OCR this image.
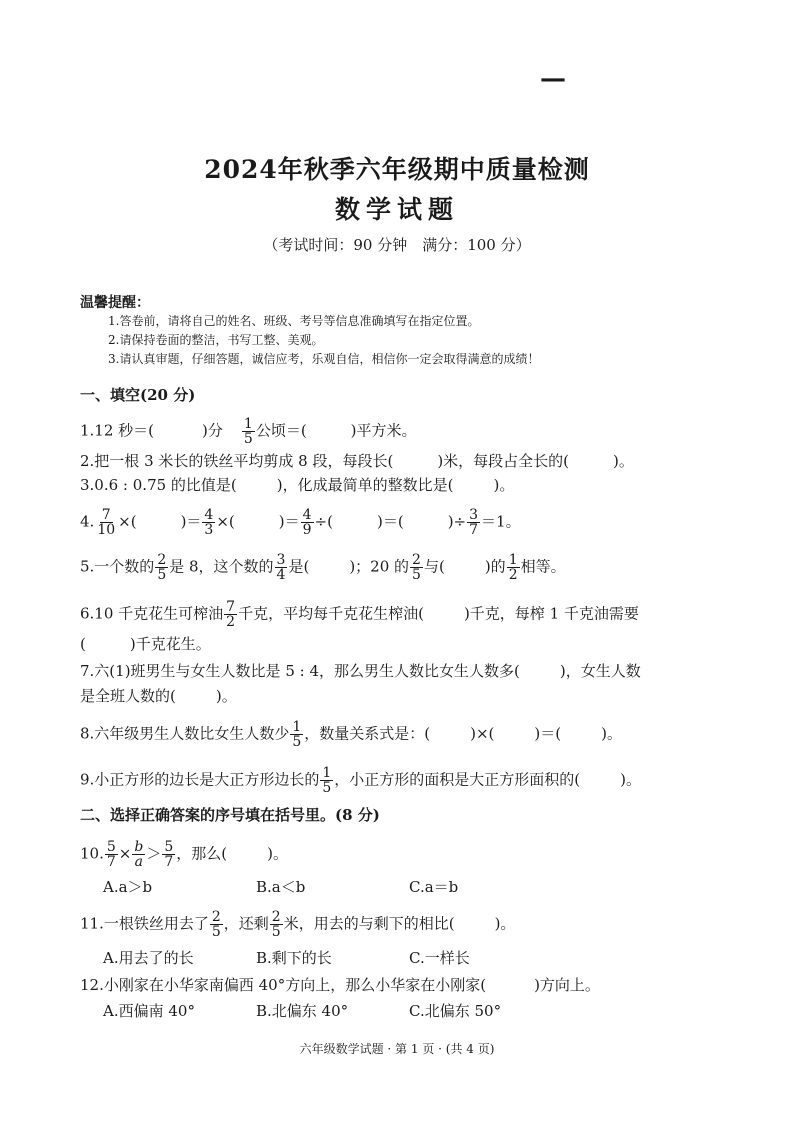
—
2024年秋季六年级期中质量检测
数学试题
（考试时间：90 分钟　满分：100 分）
温馨提醒：
1.答卷前，请将自己的姓名、班级、考号等信息准确填写在指定位置。
2.请保持卷面的整洁，书写工整、美观。
3.请认真审题，仔细答题，诚信应考，乐观自信，相信你一定会取得满意的成绩！
一、填空(20 分)
1.12 秒＝(	)分 $\frac{1}{5}$ 公顷＝(	)平方米。
2.把一根 3 米长的铁丝平均剪成 8 段，每段长(	)米，每段占全长的(	)。
3.0.6 : 0.75 的比值是(	)，化成最简单的整数比是(	)。
4. $\frac{7}{10}$ ×(	)＝ $\frac{4}{3}$ ×(	)＝ $\frac{4}{9}$ ÷(	)＝(	)÷ $\frac{3}{7} =1$。
5.一个数的 $\frac{2}{5}$ 是 8，这个数的 $\frac{3}{4}$ 是(	)；20 的 $\frac{2}{5}$ 与(	)的 $\frac{1}{2}$ 相等。
6.10 千克花生可榨油 $\frac{7}{2}$ 千克，平均每千克花生榨油(	)千克，每榨 1 千克油需要
(	)千克花生。
7.六(1)班男生与女生人数比是 5 : 4，那么男生人数比女生人数多(	)，女生人数
是全班人数的(	)。
8.六年级男生人数比女生人数少 $\frac{1}{5}$ ，数量关系式是：(	)×(	)＝(	)。
9.小正方形的边长是大正方形边长的 $\frac{1}{5}$ ，小正方形的面积是大正方形面积的(	)。
二、选择正确答案的序号填在括号里。(8 分)
10. $\frac{5}{7} \times \frac{b}{a} > \frac{5}{7}$ ，那么(	)。
A.a＞b	B.a＜b	C.a＝b
11.一根铁丝用去了 $\frac{2}{5}$ ，还剩 $\frac{2}{5}$ 米，用去的与剩下的相比(	)。
A.用去了的长	B.剩下的长	C.一样长
12.小刚家在小华家南偏西 40°方向上，那么小华家在小刚家(	)方向上。
A.西偏南 40°	B.北偏东 40°	C.北偏东 50°
六年级数学试题 · 第 1 页 · (共 4 页)
